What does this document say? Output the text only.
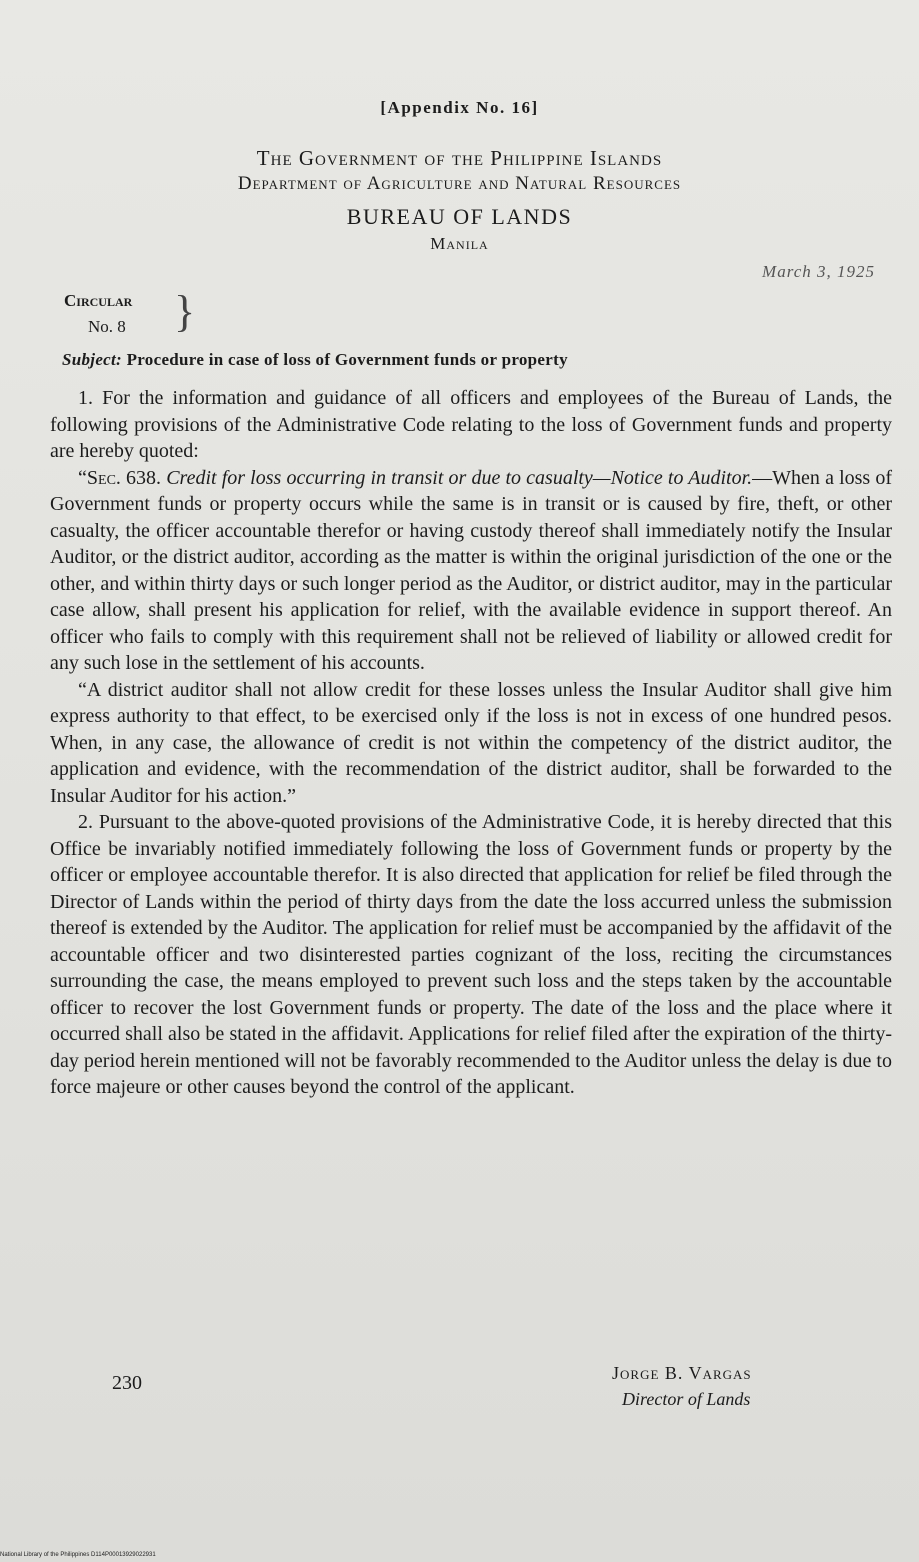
[Appendix No. 16]
The Government of the Philippine Islands
Department of Agriculture and Natural Resources
BUREAU OF LANDS
Manila
March 3, 1925
Circular
No. 8 }
Subject: Procedure in case of loss of Government funds or property

1. For the information and guidance of all officers and employees of the Bureau of Lands, the following provisions of the Administrative Code relating to the loss of Government funds and property are hereby quoted:

“Sec. 638. Credit for loss occurring in transit or due to casualty—Notice to Auditor.—When a loss of Government funds or property occurs while the same is in transit or is caused by fire, theft, or other casualty, the officer accountable therefor or having custody thereof shall immediately notify the Insular Auditor, or the district auditor, according as the matter is within the original jurisdiction of the one or the other, and within thirty days or such longer period as the Auditor, or district auditor, may in the particular case allow, shall present his application for relief, with the available evidence in support thereof. An officer who fails to comply with this requirement shall not be relieved of liability or allowed credit for any such lose in the settlement of his accounts.

“A district auditor shall not allow credit for these losses unless the Insular Auditor shall give him express authority to that effect, to be exercised only if the loss is not in excess of one hundred pesos. When, in any case, the allowance of credit is not within the competency of the district auditor, the application and evidence, with the recommendation of the district auditor, shall be forwarded to the Insular Auditor for his action.”

2. Pursuant to the above-quoted provisions of the Administrative Code, it is hereby directed that this Office be invariably notified immediately following the loss of Government funds or property by the officer or employee accountable therefor. It is also directed that application for relief be filed through the Director of Lands within the period of thirty days from the date the loss accurred unless the submission thereof is extended by the Auditor. The application for relief must be accompanied by the affidavit of the accountable officer and two disinterested parties cognizant of the loss, reciting the circumstances surrounding the case, the means employed to prevent such loss and the steps taken by the accountable officer to recover the lost Government funds or property. The date of the loss and the place where it occurred shall also be stated in the affidavit. Applications for relief filed after the expiration of the thirty-day period herein mentioned will not be favorably recommended to the Auditor unless the delay is due to force majeure or other causes beyond the control of the applicant.

230	Jorge B. Vargas
Director of Lands
National Library of the Philippines D114P00013929022931
